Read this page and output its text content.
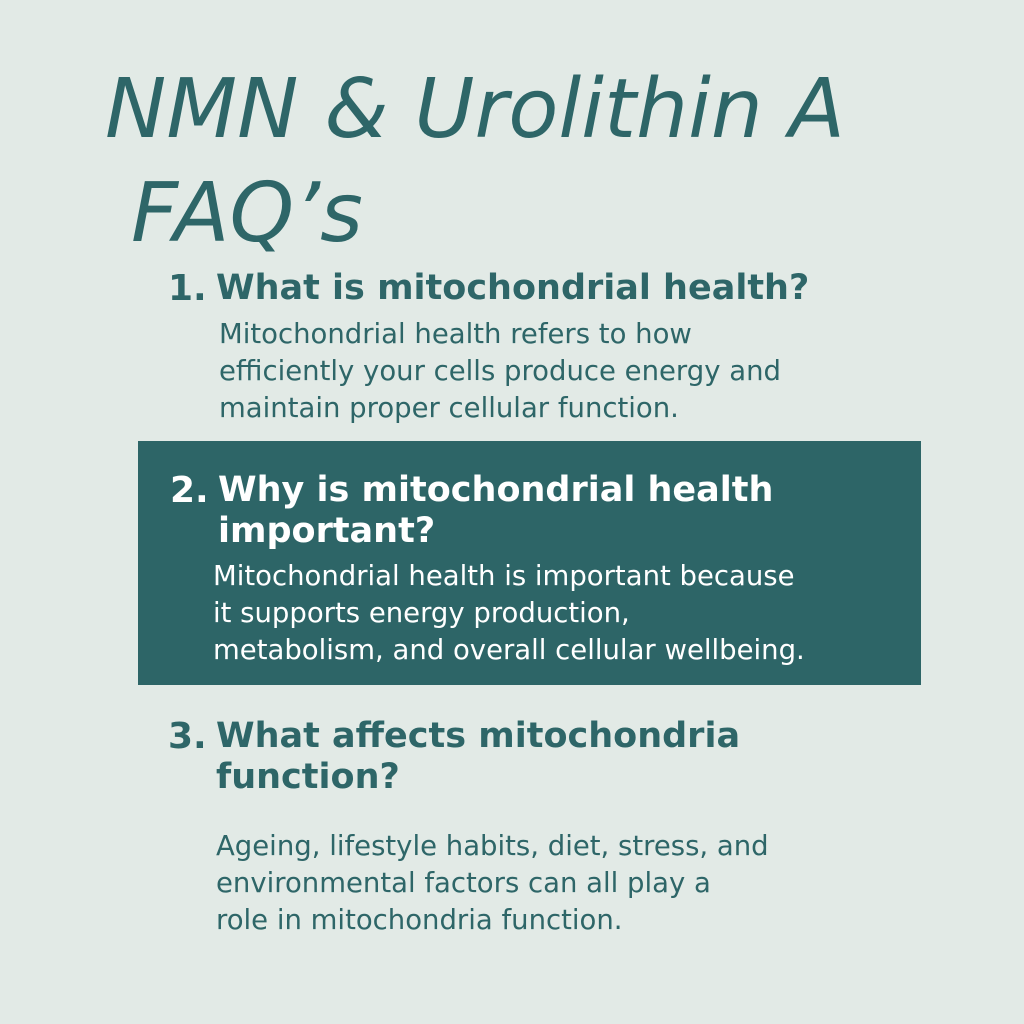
NMN & Urolithin A
FAQ’s
1. What is mitochondrial health?

Mitochondrial health refers to how
efficiently your cells produce energy and
maintain proper cellular function.

2. Why is mitochondrial health important?

Mitochondrial health is important because
it supports energy production,
metabolism, and overall cellular wellbeing.

3. What affects mitochondria function?

Ageing, lifestyle habits, diet, stress, and
environmental factors can all play a
role in mitochondria function.
